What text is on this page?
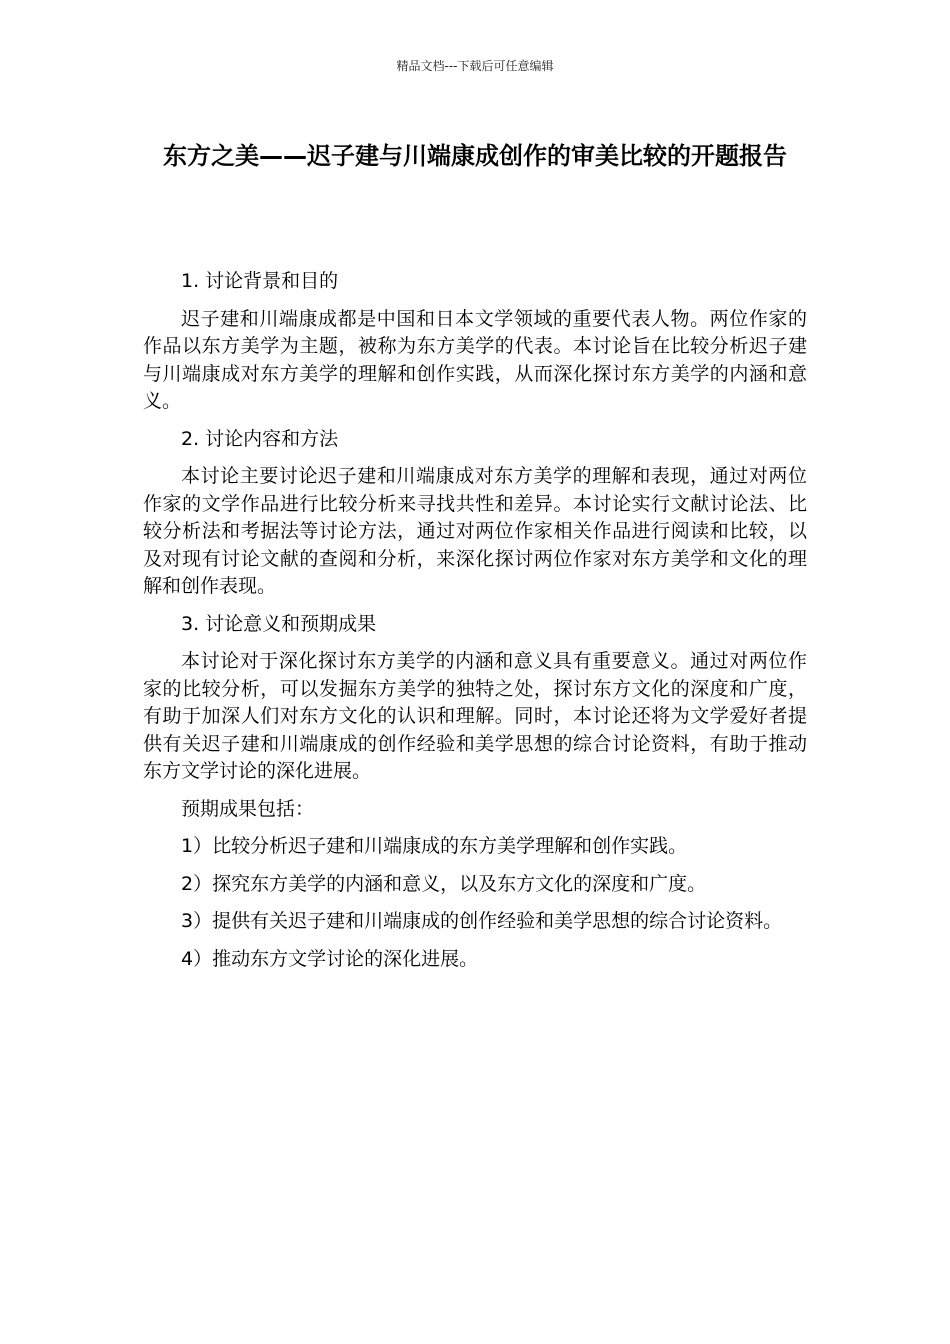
精品文档---下载后可任意编辑
东方之美——迟子建与川端康成创作的审美比较的开题报告

1. 讨论背景和目的

迟子建和川端康成都是中国和日本文学领域的重要代表人物。两位作家的作品以东方美学为主题，被称为东方美学的代表。本讨论旨在比较分析迟子建与川端康成对东方美学的理解和创作实践，从而深化探讨东方美学的内涵和意义。

2. 讨论内容和方法

本讨论主要讨论迟子建和川端康成对东方美学的理解和表现，通过对两位作家的文学作品进行比较分析来寻找共性和差异。本讨论实行文献讨论法、比较分析法和考据法等讨论方法，通过对两位作家相关作品进行阅读和比较，以及对现有讨论文献的查阅和分析，来深化探讨两位作家对东方美学和文化的理解和创作表现。

3. 讨论意义和预期成果

本讨论对于深化探讨东方美学的内涵和意义具有重要意义。通过对两位作家的比较分析，可以发掘东方美学的独特之处，探讨东方文化的深度和广度，有助于加深人们对东方文化的认识和理解。同时，本讨论还将为文学爱好者提供有关迟子建和川端康成的创作经验和美学思想的综合讨论资料，有助于推动东方文学讨论的深化进展。

预期成果包括：

1）比较分析迟子建和川端康成的东方美学理解和创作实践。

2）探究东方美学的内涵和意义，以及东方文化的深度和广度。

3）提供有关迟子建和川端康成的创作经验和美学思想的综合讨论资料。

4）推动东方文学讨论的深化进展。
